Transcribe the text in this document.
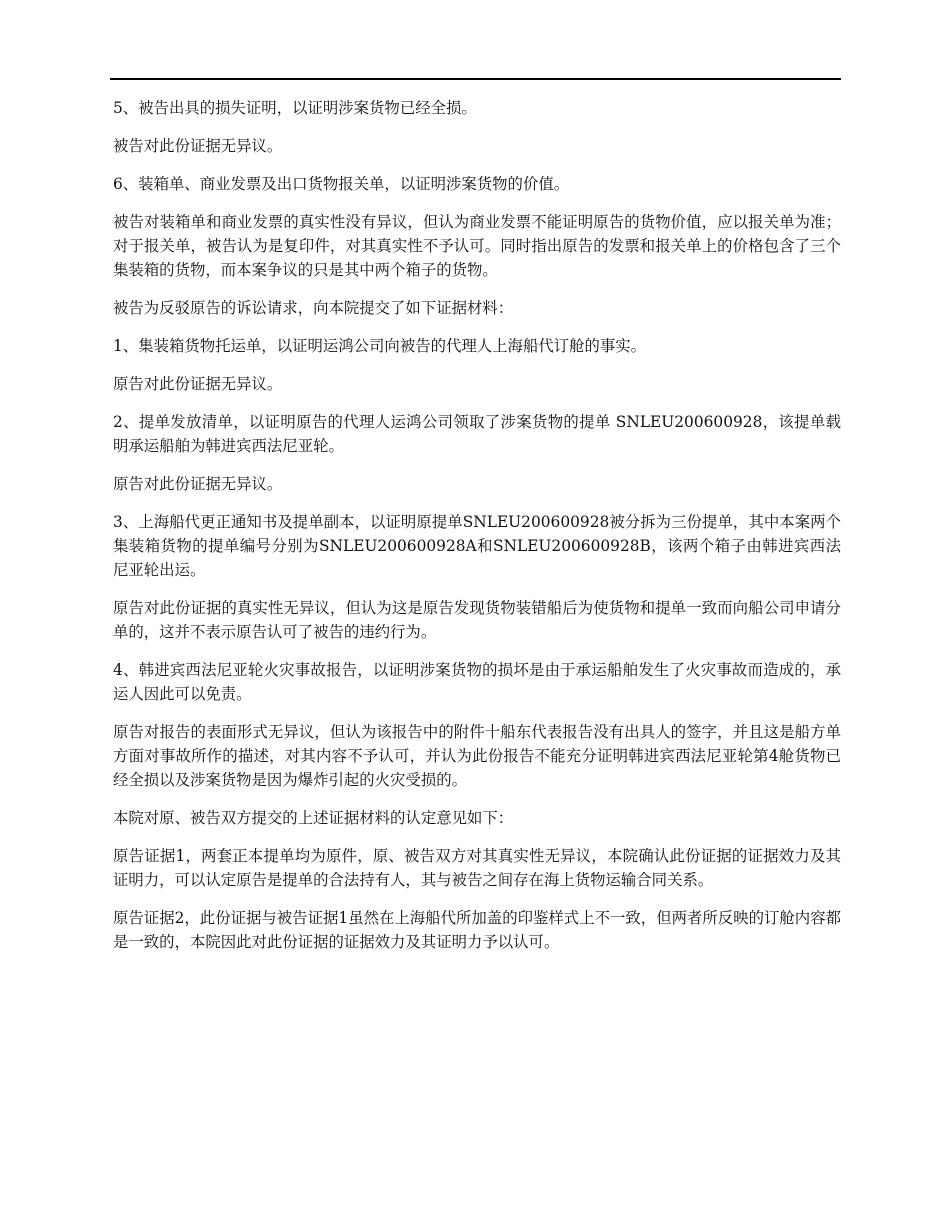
5、被告出具的损失证明，以证明涉案货物已经全损。

被告对此份证据无异议。

6、装箱单、商业发票及出口货物报关单，以证明涉案货物的价值。

被告对装箱单和商业发票的真实性没有异议，但认为商业发票不能证明原告的货物价值，应以报关单为准；对于报关单，被告认为是复印件，对其真实性不予认可。同时指出原告的发票和报关单上的价格包含了三个集装箱的货物，而本案争议的只是其中两个箱子的货物。

被告为反驳原告的诉讼请求，向本院提交了如下证据材料：

1、集装箱货物托运单，以证明运鸿公司向被告的代理人上海船代订舱的事实。

原告对此份证据无异议。

2、提单发放清单，以证明原告的代理人运鸿公司领取了涉案货物的提单 SNLEU200600928，该提单载明承运船舶为韩进宾西法尼亚轮。

原告对此份证据无异议。

3、上海船代更正通知书及提单副本，以证明原提单SNLEU200600928被分拆为三份提单，其中本案两个集装箱货物的提单编号分别为SNLEU200600928A和SNLEU200600928B，该两个箱子由韩进宾西法尼亚轮出运。

原告对此份证据的真实性无异议，但认为这是原告发现货物装错船后为使货物和提单一致而向船公司申请分单的，这并不表示原告认可了被告的违约行为。

4、韩进宾西法尼亚轮火灾事故报告，以证明涉案货物的损坏是由于承运船舶发生了火灾事故而造成的，承运人因此可以免责。

原告对报告的表面形式无异议，但认为该报告中的附件十船东代表报告没有出具人的签字，并且这是船方单方面对事故所作的描述，对其内容不予认可，并认为此份报告不能充分证明韩进宾西法尼亚轮第4舱货物已经全损以及涉案货物是因为爆炸引起的火灾受损的。

本院对原、被告双方提交的上述证据材料的认定意见如下：

原告证据1，两套正本提单均为原件，原、被告双方对其真实性无异议，本院确认此份证据的证据效力及其证明力，可以认定原告是提单的合法持有人，其与被告之间存在海上货物运输合同关系。

原告证据2，此份证据与被告证据1虽然在上海船代所加盖的印鉴样式上不一致，但两者所反映的订舱内容都是一致的，本院因此对此份证据的证据效力及其证明力予以认可。
